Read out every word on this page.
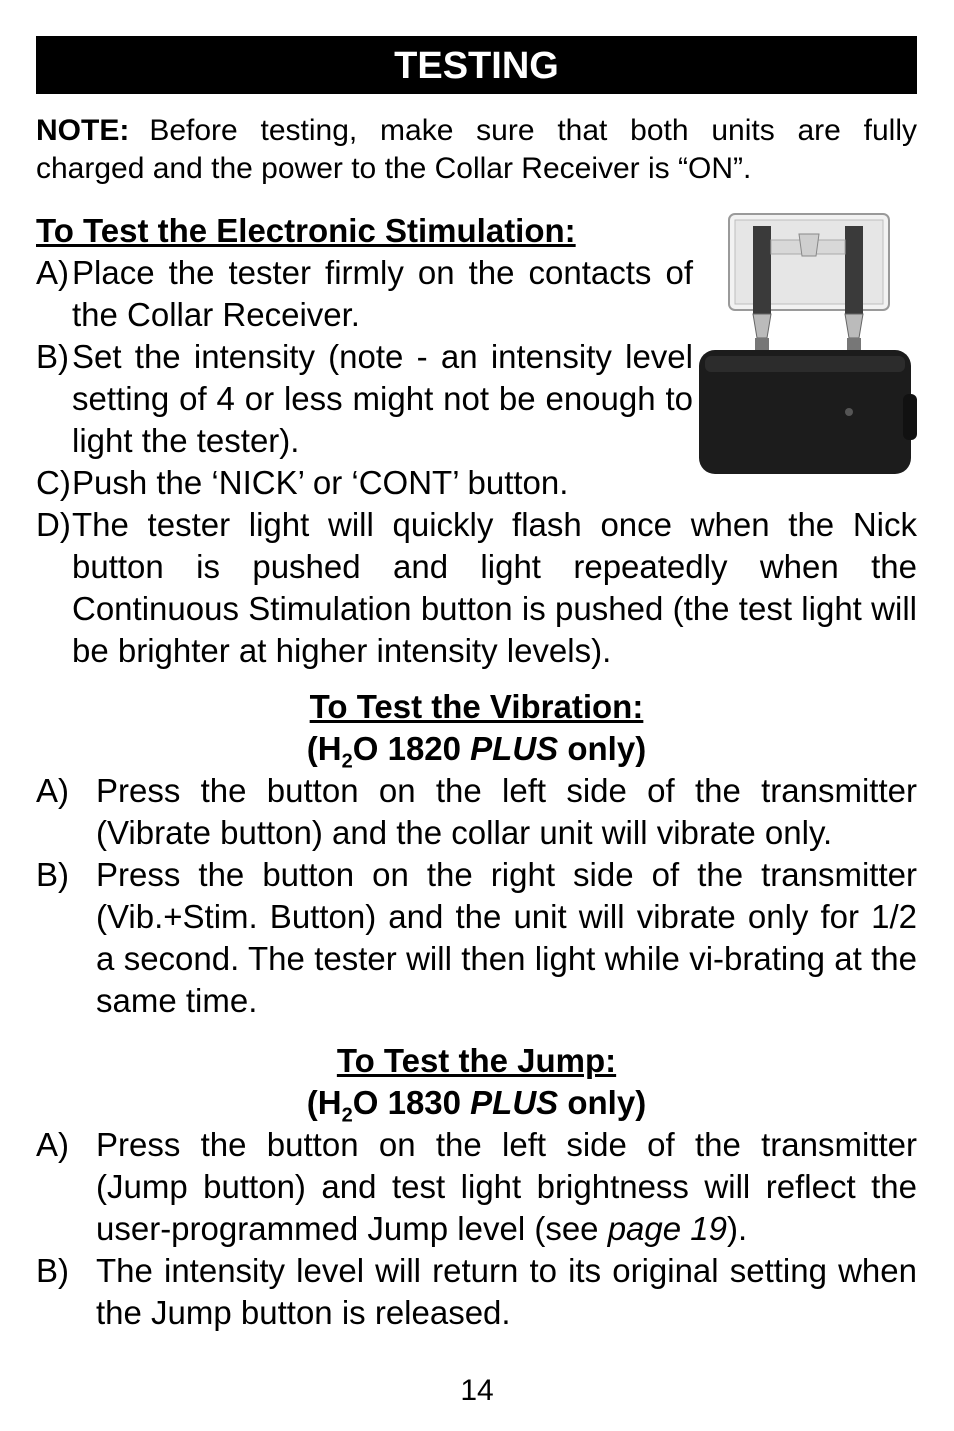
TESTING
NOTE: Before testing, make sure that both units are fully charged and the power to the Collar Receiver is “ON”.
To Test the Electronic Stimulation:
A) Place the tester firmly on the contacts of the Collar Receiver.
B) Set the intensity (note - an intensity level setting of 4 or less might not be enough to light the tester).
C) Push the ‘NICK’ or ‘CONT’ button.
D) The tester light will quickly flash once when the Nick button is pushed and light repeatedly when the Continuous Stimulation button is pushed (the test light will be brighter at higher intensity levels).
To Test the Vibration:
($H_2O$ 1820 PLUS only)
A) Press the button on the left side of the transmitter (Vibrate button) and the collar unit will vibrate only.
B) Press the button on the right side of the transmitter (Vib.+Stim. Button) and the unit will vibrate only for 1/2 a second. The tester will then light while vi-brating at the same time.
To Test the Jump:
($H_2O$ 1830 PLUS only)
A) Press the button on the left side of the transmitter (Jump button) and test light brightness will reflect the user-programmed Jump level (see page 19).
B) The intensity level will return to its original setting when the Jump button is released.
14
